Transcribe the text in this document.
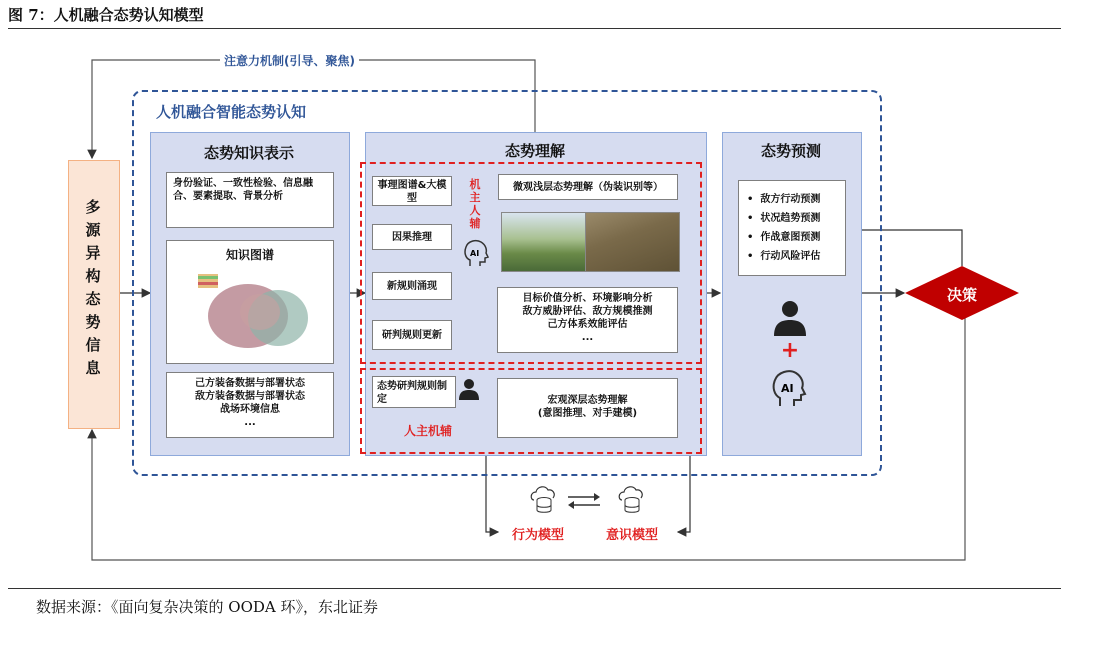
图 7：人机融合态势认知模型
数据来源：《面向复杂决策的 OODA 环》，东北证券
注意力机制(引导、聚焦)
人机融合智能态势认知
多
源
异
构
态
势
信
息
态势知识表示
身份验证、一致性检验、信息融合、要素提取、背景分析
知识图谱
己方装备数据与部署状态
敌方装备数据与部署状态
战场环境信息
...
态势理解
事理图谱&大模型
因果推理
新规则涌现
研判规则更新
机
主
人
辅
AI
微观浅层态势理解（伪装识别等）
目标价值分析、环境影响分析
敌方威胁评估、敌方规模推测
己方体系效能评估
...
态势研判规则制定
人主机辅
宏观深层态势理解
(意图推理、对手建模)
态势预测
•  敌方行动预测
•  状况趋势预测
•  作战意图预测
•  行动风险评估
+
AI
决策
行为模型	意识模型
